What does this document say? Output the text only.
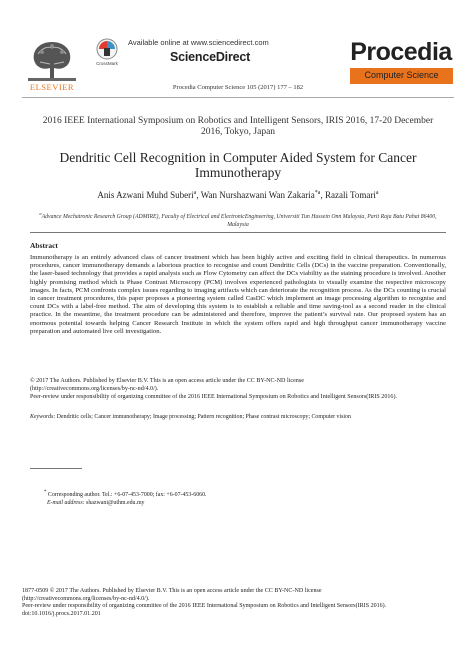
ELSEVIER
CrossMark
Available online at www.sciencedirect.com
ScienceDirect
Procedia Computer Science 105 (2017) 177 – 182
Procedia
Computer Science
2016 IEEE International Symposium on Robotics and Intelligent Sensors, IRIS 2016, 17-20 December 2016, Tokyo, Japan
Dendritic Cell Recognition in Computer Aided System for Cancer Immunotherapy
Anis Azwani Muhd Suberi$^a$, Wan Nurshazwani Wan Zakaria$^{*a}$, Razali Tomari$^a$
$^a$Advance Mechatronic Research Group (ADMIRE), Faculty of Electrical and ElectronicEngineering, Universiti Tun Hussein Onn Malaysia, Parit Raja Batu Pahat 86400, Malaysia
Abstract
Immunotherapy is an entirely advanced class of cancer treatment which has been highly active and exciting field in clinical therapeutics. In numerous procedures, cancer immunotherapy demands a laborious practice to recognise and count Dendritic Cells (DCs) in the vaccine preparation. Conventionally, the laser-based technology that provides a rapid analysis such as Flow Cytometry can affect the DCs viability as the staining procedure is involved. Another highly promising method which is Phase Contrast Microscopy (PCM) involves experienced pathologists to visually examine the respective microscopy images. In facts, PCM confronts complex issues regarding to imaging artifacts which can deteriorate the recognition process. As the DCs counting is crucial in cancer treatment procedures, this paper proposes a pioneering system called CasDC which implement an image processing algorithm to recognise and count DCs with a label-free method. The aim of developing this system is to establish a reliable and time saving-tool as a second reader in the clinical practice. In the meantime, the treatment procedure can be administered and therefore, improve the patient’s survival rate. Our proposed system has an enormous potential towards helping Cancer Research Institute in which the system offers rapid and high throughput cancer immunotherapy vaccine preparation and automated live cell investigation.
© 2017 The Authors. Published by Elsevier B.V. This is an open access article under the CC BY-NC-ND license
(http://creativecommons.org/licenses/by-nc-nd/4.0/).
Peer-review under responsibility of organizing committee of the 2016 IEEE International Symposium on Robotics and Intelligent Sensors(IRIS 2016).
Keywords: Dendritic cells; Cancer immunotherapy; Image processing; Pattern recognition; Phase contrast microscopy; Computer vision
* Corresponding author. Tel.: +6-07-453-7000; fax: +6-07-453-6060.
E-mail address: shazwani@uthm.edu.my
1877-0509 © 2017 The Authors. Published by Elsevier B.V. This is an open access article under the CC BY-NC-ND license
(http://creativecommons.org/licenses/by-nc-nd/4.0/).
Peer-review under responsibility of organizing committee of the 2016 IEEE International Symposium on Robotics and Intelligent Sensors(IRIS 2016).
doi:10.1016/j.procs.2017.01.201
